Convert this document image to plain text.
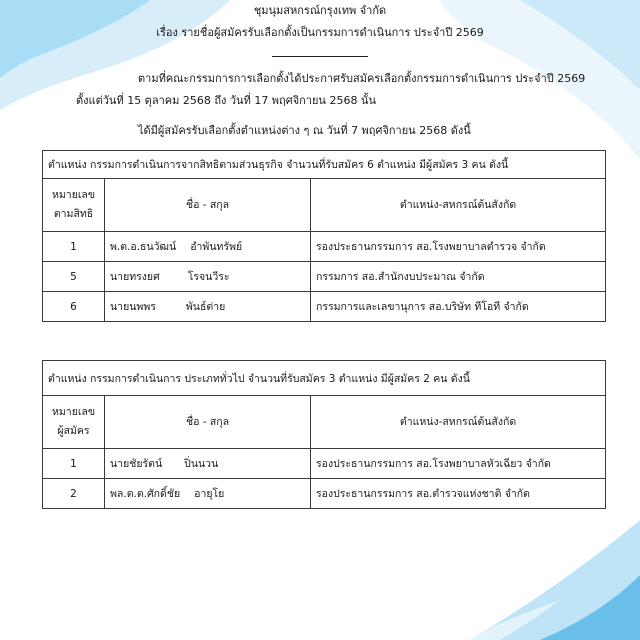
ชุมนุมสหกรณ์กรุงเทพ จำกัด
เรื่อง รายชื่อผู้สมัครรับเลือกตั้งเป็นกรรมการดำเนินการ ประจำปี 2569
ตามที่คณะกรรมการการเลือกตั้งได้ประกาศรับสมัครเลือกตั้งกรรมการดำเนินการ ประจำปี 2569
ตั้งแต่วันที่ 15 ตุลาคม 2568 ถึง วันที่ 17 พฤศจิกายน 2568 นั้น
ได้มีผู้สมัครรับเลือกตั้งตำแหน่งต่าง ๆ ณ วันที่ 7 พฤศจิกายน 2568 ดังนี้
ตำแหน่ง กรรมการดำเนินการจากสิทธิตามส่วนธุรกิจ จำนวนที่รับสมัคร 6 ตำแหน่ง มีผู้สมัคร 3 คน ดังนี้		
หมายเลข ตามสิทธิ	ชื่อ - สกุล	ตำแหน่ง-สหกรณ์ต้นสังกัด
1	พ.ต.อ.ธนวัฒน์ อำพันทรัพย์	รองประธานกรรมการ สอ.โรงพยาบาลตำรวจ จำกัด
5	นายทรงยศ โรจนวีระ	กรรมการ สอ.สำนักงบประมาณ จำกัด
6	นายนพพร พันธ์ต่าย	กรรมการและเลขานุการ สอ.บริษัท ทีโอที จำกัด
ตำแหน่ง กรรมการดำเนินการ ประเภททั่วไป จำนวนที่รับสมัคร 3 ตำแหน่ง มีผู้สมัคร 2 คน ดังนี้		
หมายเลข ผู้สมัคร	ชื่อ - สกุล	ตำแหน่ง-สหกรณ์ต้นสังกัด
1	นายชัยรัตน์ ปิ่นนวน	รองประธานกรรมการ สอ.โรงพยาบาลหัวเฉียว จำกัด
2	พล.ต.ต.ศักดิ์ชัย อายุโย	รองประธานกรรมการ สอ.ตำรวจแห่งชาติ จำกัด
